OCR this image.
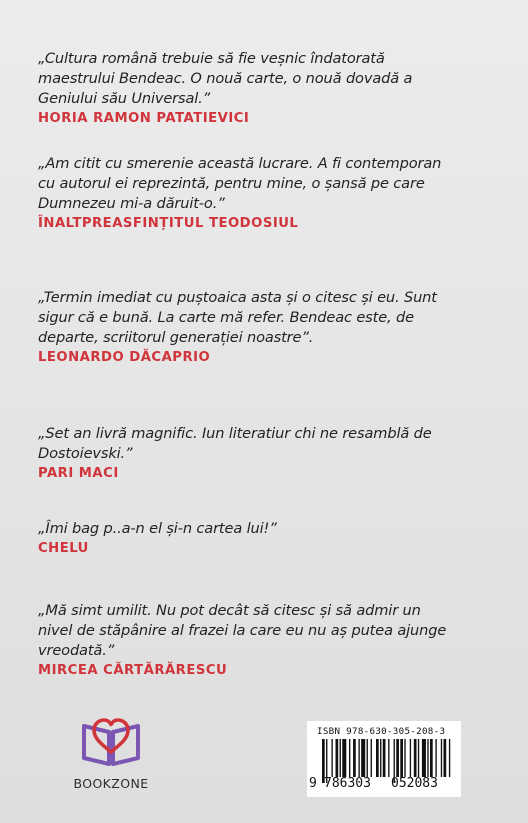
„Cultura română trebuie să fie veșnic îndatorată
maestrului Bendeac. O nouă carte, o nouă dovadă a
Geniului său Universal.”

HORIA RAMON PATATIEVICI

„Am citit cu smerenie această lucrare. A fi contemporan
cu autorul ei reprezintă, pentru mine, o șansă pe care
Dumnezeu mi-a dăruit-o.”

ÎNALTPREASFINȚITUL TEODOSIUL

„Termin imediat cu puștoaica asta și o citesc și eu. Sunt
sigur că e bună. La carte mă refer. Bendeac este, de
departe, scriitorul generației noastre”.

LEONARDO DĂCAPRIO

„Set an livră magnific. Iun literatiur chi ne resamblă de
Dostoievski.”

PARI MACI

„Îmi bag p..a-n el și-n cartea lui!”

CHELU

„Mă simt umilit. Nu pot decât să citesc și să admir un
nivel de stăpânire al frazei la care eu nu aș putea ajunge
vreodată.”

MIRCEA CĂRTĂRĂRESCU

BOOKZONE
ISBN 978-630-305-208-3
9 786303 052083
